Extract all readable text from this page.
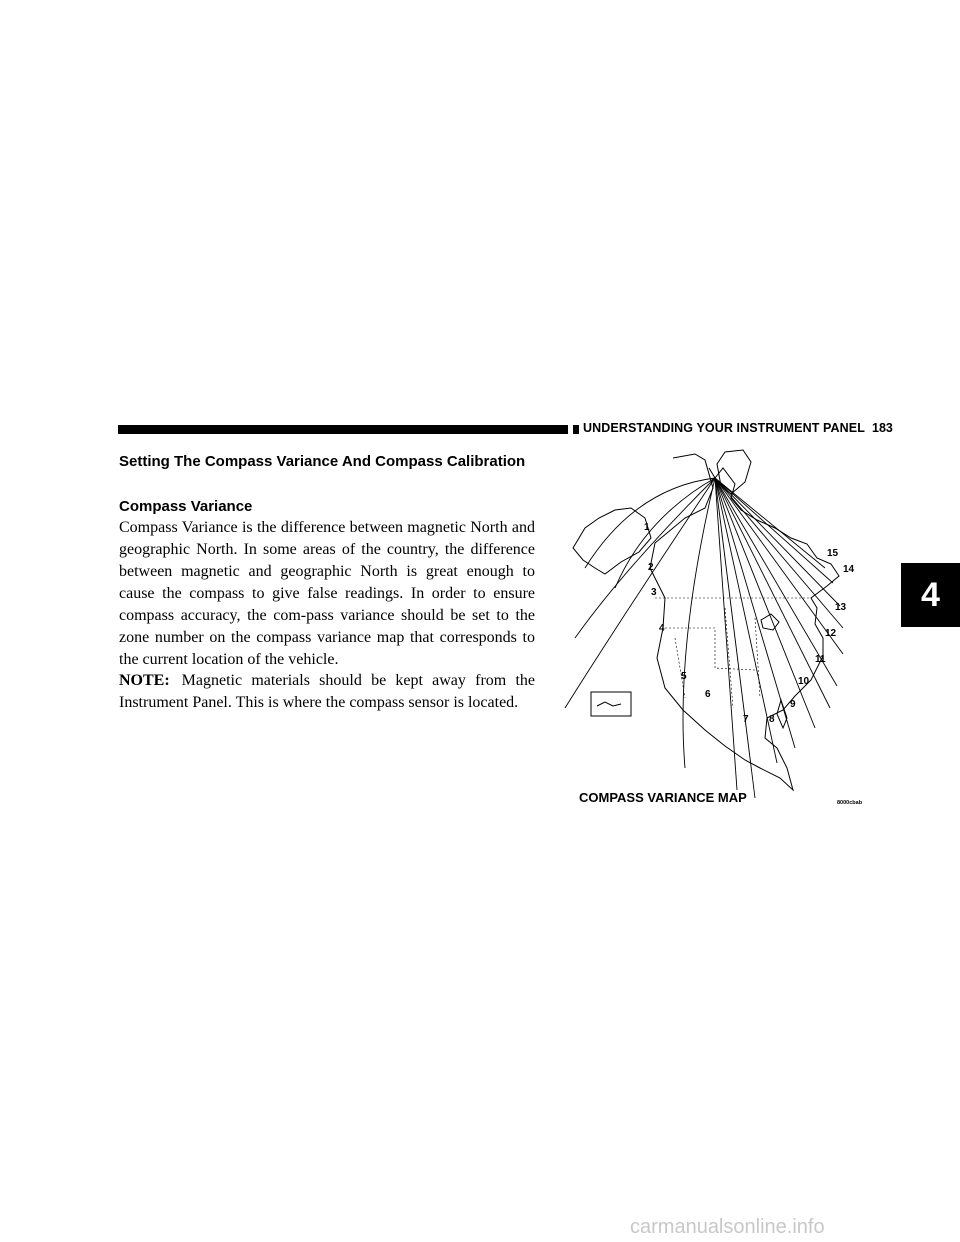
UNDERSTANDING YOUR INSTRUMENT PANEL 183
4
Setting The Compass Variance And Compass Calibration
Compass Variance

Compass Variance is the difference between magnetic North and geographic North. In some areas of the country, the difference between magnetic and geographic North is great enough to cause the compass to give false readings. In order to ensure compass accuracy, the com-pass variance should be set to the zone number on the compass variance map that corresponds to the current location of the vehicle.

NOTE: Magnetic materials should be kept away from the Instrument Panel. This is where the compass sensor is located.

1
2
3
4
5
6
7 8
9
10
11
12
13
14
15
COMPASS VARIANCE MAP	8000cbab
carmanualsonline.info
